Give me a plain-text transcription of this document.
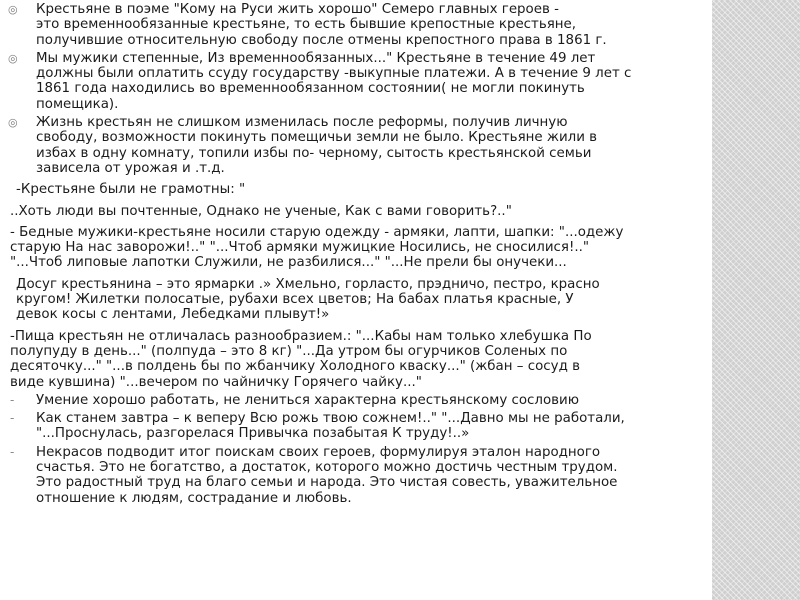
◎ Крестьяне в поэме "Кому на Руси жить хорошо" Семеро главных героев -
это временнообязанные крестьяне, то есть бывшие крепостные крестьяне,
получившие относительную свободу после отмены крепостного права в 1861 г.
◎ Мы мужики степенные, Из временнообязанных..." Крестьяне в течение 49 лет
должны были оплатить ссуду государству -выкупные платежи. А в течение 9 лет с
1861 года находились во временнообязанном состоянии( не могли покинуть
помещика).
◎ Жизнь крестьян не слишком изменилась после реформы, получив личную
свободу, возможности покинуть помещичьи земли не было. Крестьяне жили в
избах в одну комнату, топили избы по- черному, сытость крестьянской семьи
зависела от урожая и .т.д.
-Крестьяне были не грамотны: "
..Хоть люди вы почтенные, Однако не ученые, Как с вами говорить?.."
- Бедные мужики-крестьяне носили старую одежду - армяки, лапти, шапки: "...одежу
старую На нас заворожи!.." "...Чтоб армяки мужицкие Носились, не сносилися!.."
"...Чтоб липовые лапотки Служили, не разбилися..." "...Не прели бы онучеки...
Досуг крестьянина – это ярмарки .» Хмельно, горласто, прэдничо, пестро, красно
кругом! Жилетки полосатые, рубахи всех цветов; На бабах платья красные, У
девок косы с лентами, Лебедками плывут!»
-Пища крестьян не отличалась разнообразием.: "...Кабы нам только хлебушка По
полупуду в день..." (полпуда – это 8 кг) "...Да утром бы огурчиков Соленых по
десяточку..." "...в полдень бы по жбанчику Холодного кваску..." (жбан – сосуд в
виде кувшина) "...вечером по чайничку Горячего чайку..."
- Умение хорошо работать, не лениться характерна крестьянскому сословию
- Как станем завтра – к веперу Всю рожь твою сожнем!.." "...Давно мы не работали,
"...Проснулась, разгорелася Привычка позабытая К труду!..»
- Некрасов подводит итог поискам своих героев, формулируя эталон народного
счастья. Это не богатство, а достаток, которого можно достичь честным трудом.
Это радостный труд на благо семьи и народа. Это чистая совесть, уважительное
отношение к людям, сострадание и любовь.
